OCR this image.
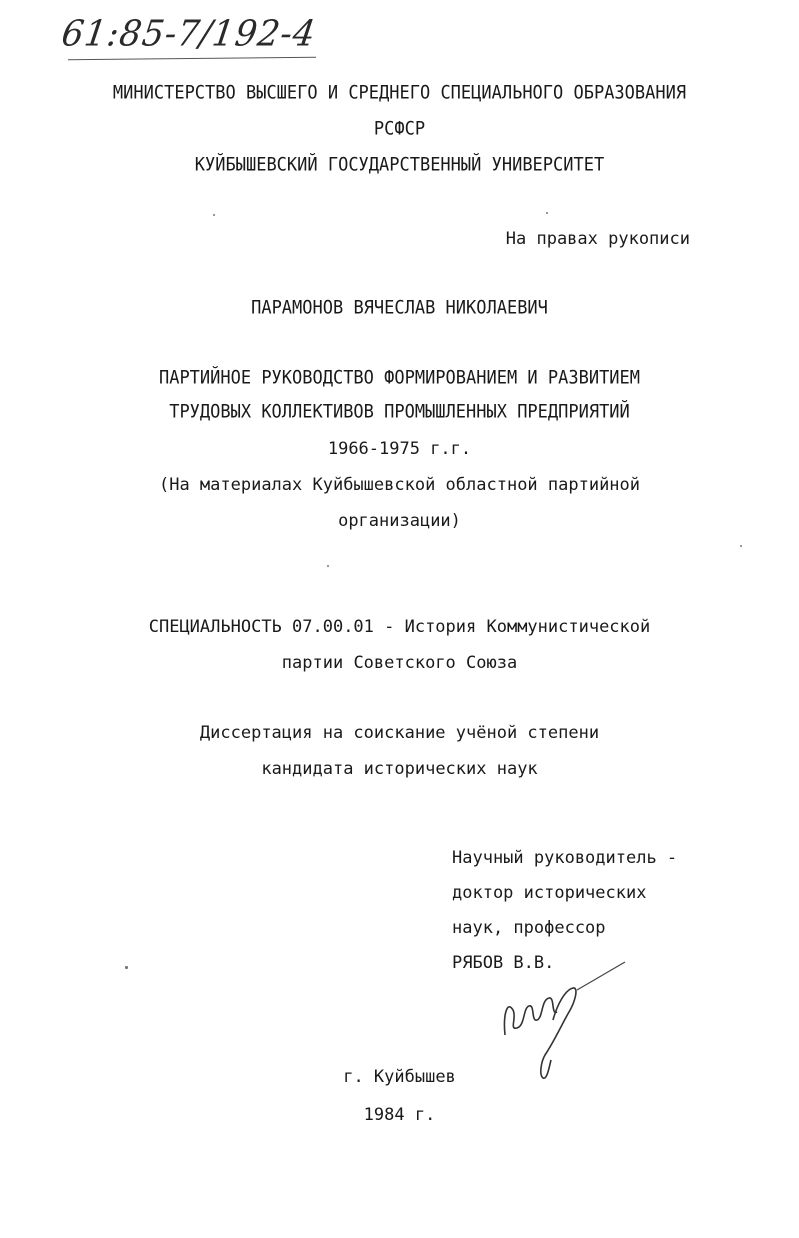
61:85-7/192-4
МИНИСТЕРСТВО ВЫСШЕГО И СРЕДНЕГО СПЕЦИАЛЬНОГО ОБРАЗОВАНИЯ
РСФСР
КУЙБЫШЕВСКИЙ ГОСУДАРСТВЕННЫЙ УНИВЕРСИТЕТ
На правах рукописи
ПАРАМОНОВ ВЯЧЕСЛАВ НИКОЛАЕВИЧ
ПАРТИЙНОЕ РУКОВОДСТВО ФОРМИРОВАНИЕМ И РАЗВИТИЕМ
ТРУДОВЫХ КОЛЛЕКТИВОВ ПРОМЫШЛЕННЫХ ПРЕДПРИЯТИЙ
1966-1975 г.г.
(На материалах Куйбышевской областной партийной
организации)
СПЕЦИАЛЬНОСТЬ 07.00.01 - История Коммунистической
партии Советского Союза
Диссертация на соискание учёной степени
кандидата исторических наук
Научный руководитель -
доктор исторических
наук, профессор
РЯБОВ В.В.
г. Куйбышев
1984 г.
